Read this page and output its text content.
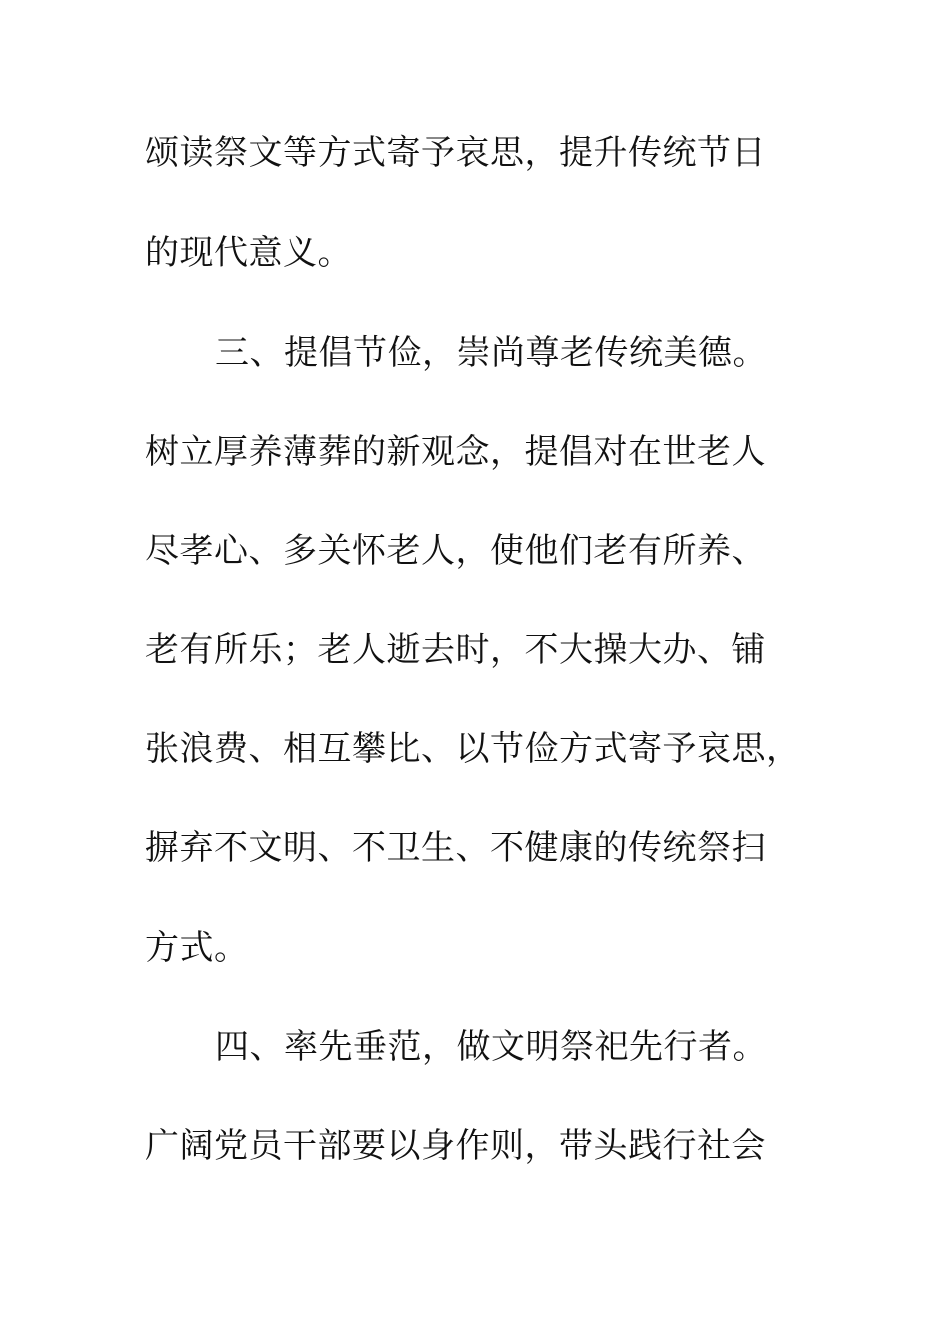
颂读祭文等方式寄予哀思，提升传统节日
的现代意义。
三、提倡节俭，崇尚尊老传统美德。
树立厚养薄葬的新观念，提倡对在世老人
尽孝心、多关怀老人，使他们老有所养、
老有所乐；老人逝去时，不大操大办、铺
张浪费、相互攀比、以节俭方式寄予哀思，
摒弃不文明、不卫生、不健康的传统祭扫
方式。
四、率先垂范，做文明祭祀先行者。
广阔党员干部要以身作则，带头践行社会
